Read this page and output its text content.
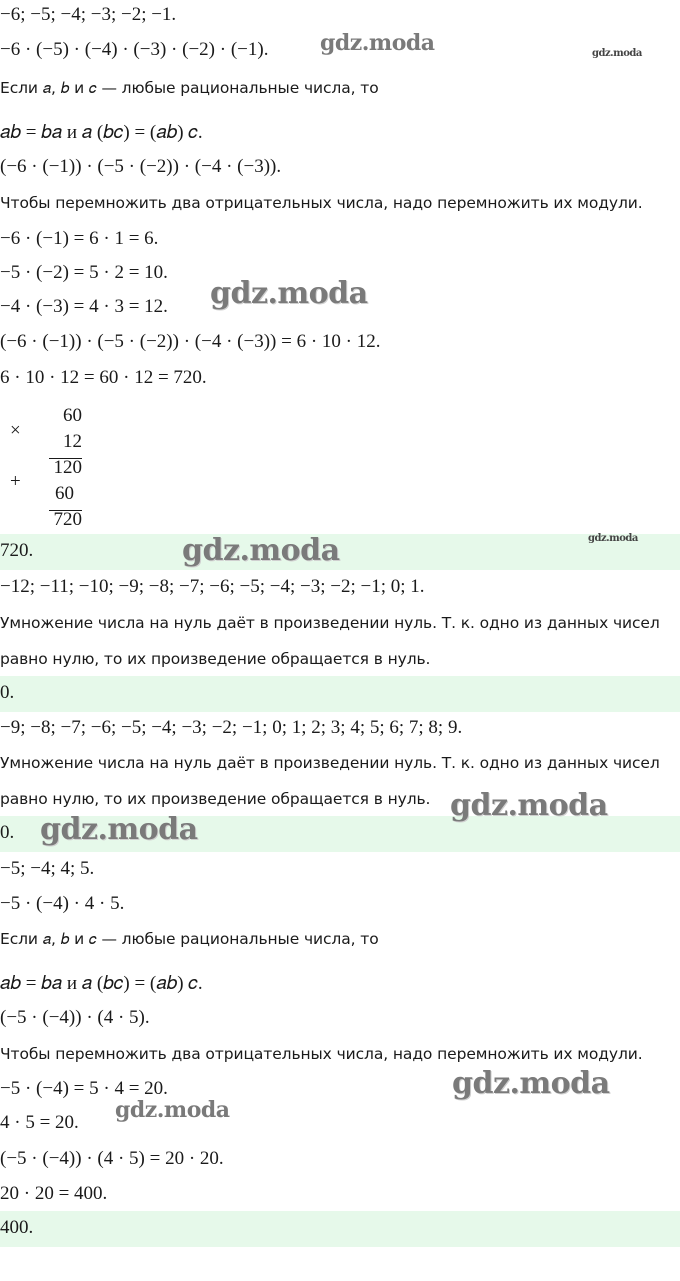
−6; −5; −4; −3; −2; −1.
−6 · (−5) · (−4) · (−3) · (−2) · (−1).
Если 𝑎, 𝑏 и 𝑐 — любые рациональные числа, то
𝑎𝑏 = 𝑏𝑎 и 𝑎 (𝑏𝑐) = (𝑎𝑏) 𝑐.
(−6 · (−1)) · (−5 · (−2)) · (−4 · (−3)).
Чтобы перемножить два отрицательных числа, надо перемножить их модули.
−6 · (−1) = 6 · 1 = 6.
−5 · (−2) = 5 · 2 = 10.
−4 · (−3) = 4 · 3 = 12.
(−6 · (−1)) · (−5 · (−2)) · (−4 · (−3)) = 6 · 10 · 12.
6 · 10 · 12 = 60 · 12 = 720.
×
60
12
120
+
60
720
720.
−12; −11; −10; −9; −8; −7; −6; −5; −4; −3; −2; −1; 0; 1.
Умножение числа на нуль даёт в произведении нуль. Т. к. одно из данных чисел
равно нулю, то их произведение обращается в нуль.
0.
−9; −8; −7; −6; −5; −4; −3; −2; −1; 0; 1; 2; 3; 4; 5; 6; 7; 8; 9.
Умножение числа на нуль даёт в произведении нуль. Т. к. одно из данных чисел
равно нулю, то их произведение обращается в нуль.
0.
−5; −4; 4; 5.
−5 · (−4) · 4 · 5.
Если 𝑎, 𝑏 и 𝑐 — любые рациональные числа, то
𝑎𝑏 = 𝑏𝑎 и 𝑎 (𝑏𝑐) = (𝑎𝑏) 𝑐.
(−5 · (−4)) · (4 · 5).
Чтобы перемножить два отрицательных числа, надо перемножить их модули.
−5 · (−4) = 5 · 4 = 20.
4 · 5 = 20.
(−5 · (−4)) · (4 · 5) = 20 · 20.
20 · 20 = 400.
400.
gdz.moda	gdz.moda
gdz.moda
gdz.moda
gdz.moda
gdz.moda
gdz.moda
gdz.moda
gdz.moda
